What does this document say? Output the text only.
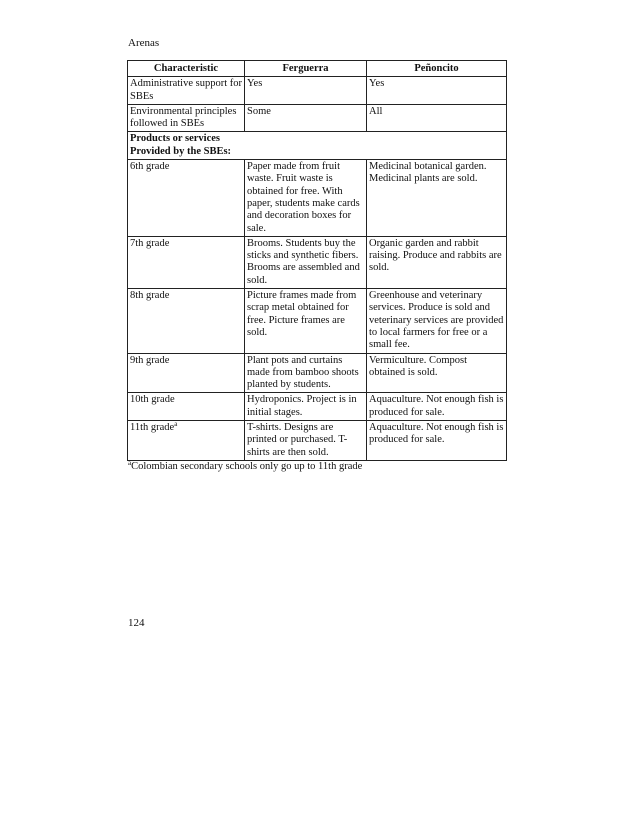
Arenas
Characteristic	Ferguerra	Peñoncito
Administrative support for SBEs	Yes	Yes
Environmental principles followed in SBEs	Some	All

Products or services Provided by the SBEs:		

6th grade	Paper made from fruit waste. Fruit waste is obtained for free. With paper, students make cards and decoration boxes for sale.	Medicinal botanical garden. Medicinal plants are sold.
7th grade	Brooms. Students buy the sticks and synthetic fibers. Brooms are assembled and sold.	Organic garden and rabbit raising. Produce and rabbits are sold.
8th grade	Picture frames made from scrap metal obtained for free. Picture frames are sold.	Greenhouse and veterinary services. Produce is sold and veterinary services are provided to local farmers for free or a small fee.
9th grade	Plant pots and curtains made from bamboo shoots planted by students.	Vermiculture. Compost obtained is sold.
10th grade	Hydroponics. Project is in initial stages.	Aquaculture. Not enough fish is produced for sale.
11th grade$^a$	T-shirts. Designs are printed or purchased. T-shirts are then sold.	Aquaculture. Not enough fish is produced for sale.
$^a$Colombian secondary schools only go up to 11th grade
124
